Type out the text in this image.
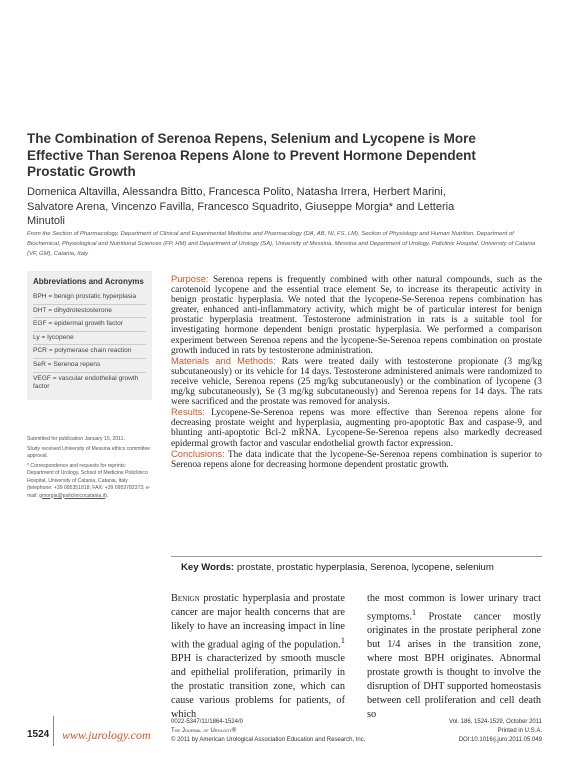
The Combination of Serenoa Repens, Selenium and Lycopene is More Effective Than Serenoa Repens Alone to Prevent Hormone Dependent Prostatic Growth
Domenica Altavilla, Alessandra Bitto, Francesca Polito, Natasha Irrera, Herbert Marini, Salvatore Arena, Vincenzo Favilla, Francesco Squadrito, Giuseppe Morgia* and Letteria Minutoli
From the Section of Pharmacology, Department of Clinical and Experimental Medicine and Pharmacology (DA, AB, NI, FS, LM), Section of Physiology and Human Nutrition, Department of Biochemical, Physiological and Nutritional Sciences (FP, HM) and Department of Urology (SA), University of Messina, Messina and Department of Urology, Policlinic Hospital, University of Catania (VF, GM), Catania, Italy
Abbreviations and Acronyms
BPH = benign prostatic hyperplasia
DHT = dihydrotestosterone
EGF = epidermal growth factor
Ly = lycopene
PCR = polymerase chain reaction
SeR = Serenoa repens
VEGF = vascular endothelial growth factor

Submitted for publication January 15, 2011.

Study received University of Messina ethics committee approval.

* Correspondence and requests for reprints: Department of Urology, School of Medicine Policlinico Hospital, University of Catania, Catania, Italy (telephone: +39 095351818; FAX: +39 0953782373; e-mail: gmorgia@policlinicocatania.it).

Purpose: Serenoa repens is frequently combined with other natural compounds, such as the carotenoid lycopene and the essential trace element Se, to increase its therapeutic activity in benign prostatic hyperplasia. We noted that the lycopene-Se-Serenoa repens combination has greater, enhanced anti-inflammatory activity, which might be of particular interest for benign prostatic hyperplasia treatment. Testosterone administration in rats is a suitable tool for investigating hormone dependent benign prostatic hyperplasia. We performed a comparison experiment between Serenoa repens and the lycopene-Se-Serenoa repens combination on prostate growth induced in rats by testosterone administration.

Materials and Methods: Rats were treated daily with testosterone propionate (3 mg/kg subcutaneously) or its vehicle for 14 days. Testosterone administered animals were randomized to receive vehicle, Serenoa repens (25 mg/kg subcutaneously) or the combination of lycopene (3 mg/kg subcutaneously), Se (3 mg/kg subcutaneously) and Serenoa repens for 14 days. The rats were sacrificed and the prostate was removed for analysis.

Results: Lycopene-Se-Serenoa repens was more effective than Serenoa repens alone for decreasing prostate weight and hyperplasia, augmenting pro-apoptotic Bax and caspase-9, and blunting anti-apoptotic Bcl-2 mRNA. Lycopene-Se-Serenoa repens also markedly decreased epidermal growth factor and vascular endothelial growth factor expression.

Conclusions: The data indicate that the lycopene-Se-Serenoa repens combination is superior to Serenoa repens alone for decreasing hormone dependent prostatic growth.

Key Words: prostate, prostatic hyperplasia, Serenoa, lycopene, selenium
Benign prostatic hyperplasia and prostate cancer are major health concerns that are likely to have an increasing impact in line with the gradual aging of the population.$^1$ BPH is characterized by smooth muscle and epithelial proliferation, primarily in the prostatic transition zone, which can cause various problems for patients, of which
the most common is lower urinary tract symptoms.$^1$ Prostate cancer mostly originates in the prostate peripheral zone but 1/4 arises in the transition zone, where most BPH originates. Abnormal prostate growth is thought to involve the disruption of DHT supported homeostasis between cell proliferation and cell death so
1524 www.jurology.com
0022-5347/11/1864-1524/0
The Journal of Urology®
© 2011 by American Urological Association Education and Research, Inc.
Vol. 186, 1524-1529, October 2011
Printed in U.S.A.
DOI:10.1016/j.juro.2011.05.049
